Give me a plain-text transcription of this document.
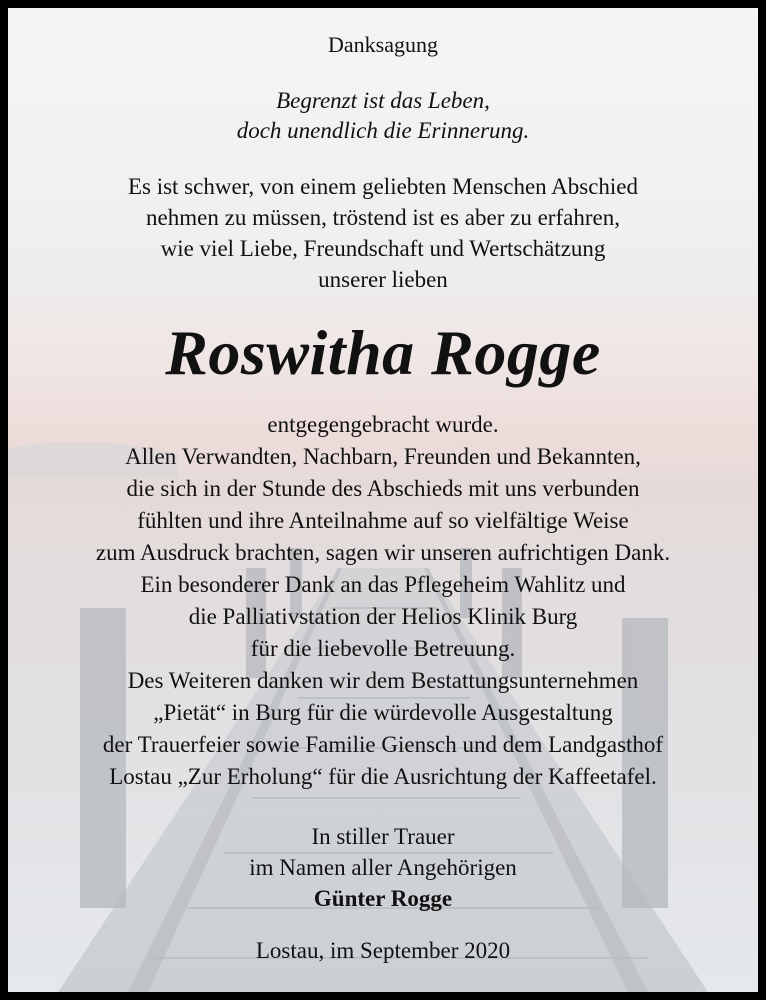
Danksagung
Begrenzt ist das Leben,
doch unendlich die Erinnerung.
Es ist schwer, von einem geliebten Menschen Abschied
nehmen zu müssen, tröstend ist es aber zu erfahren,
wie viel Liebe, Freundschaft und Wertschätzung
unserer lieben
Roswitha Rogge
entgegengebracht wurde.
Allen Verwandten, Nachbarn, Freunden und Bekannten,
die sich in der Stunde des Abschieds mit uns verbunden
fühlten und ihre Anteilnahme auf so vielfältige Weise
zum Ausdruck brachten, sagen wir unseren aufrichtigen Dank.
Ein besonderer Dank an das Pflegeheim Wahlitz und
die Palliativstation der Helios Klinik Burg
für die liebevolle Betreuung.
Des Weiteren danken wir dem Bestattungsunternehmen
„Pietät“ in Burg für die würdevolle Ausgestaltung
der Trauerfeier sowie Familie Giensch und dem Landgasthof
Lostau „Zur Erholung“ für die Ausrichtung der Kaffeetafel.
In stiller Trauer
im Namen aller Angehörigen
Günter Rogge
Lostau, im September 2020
